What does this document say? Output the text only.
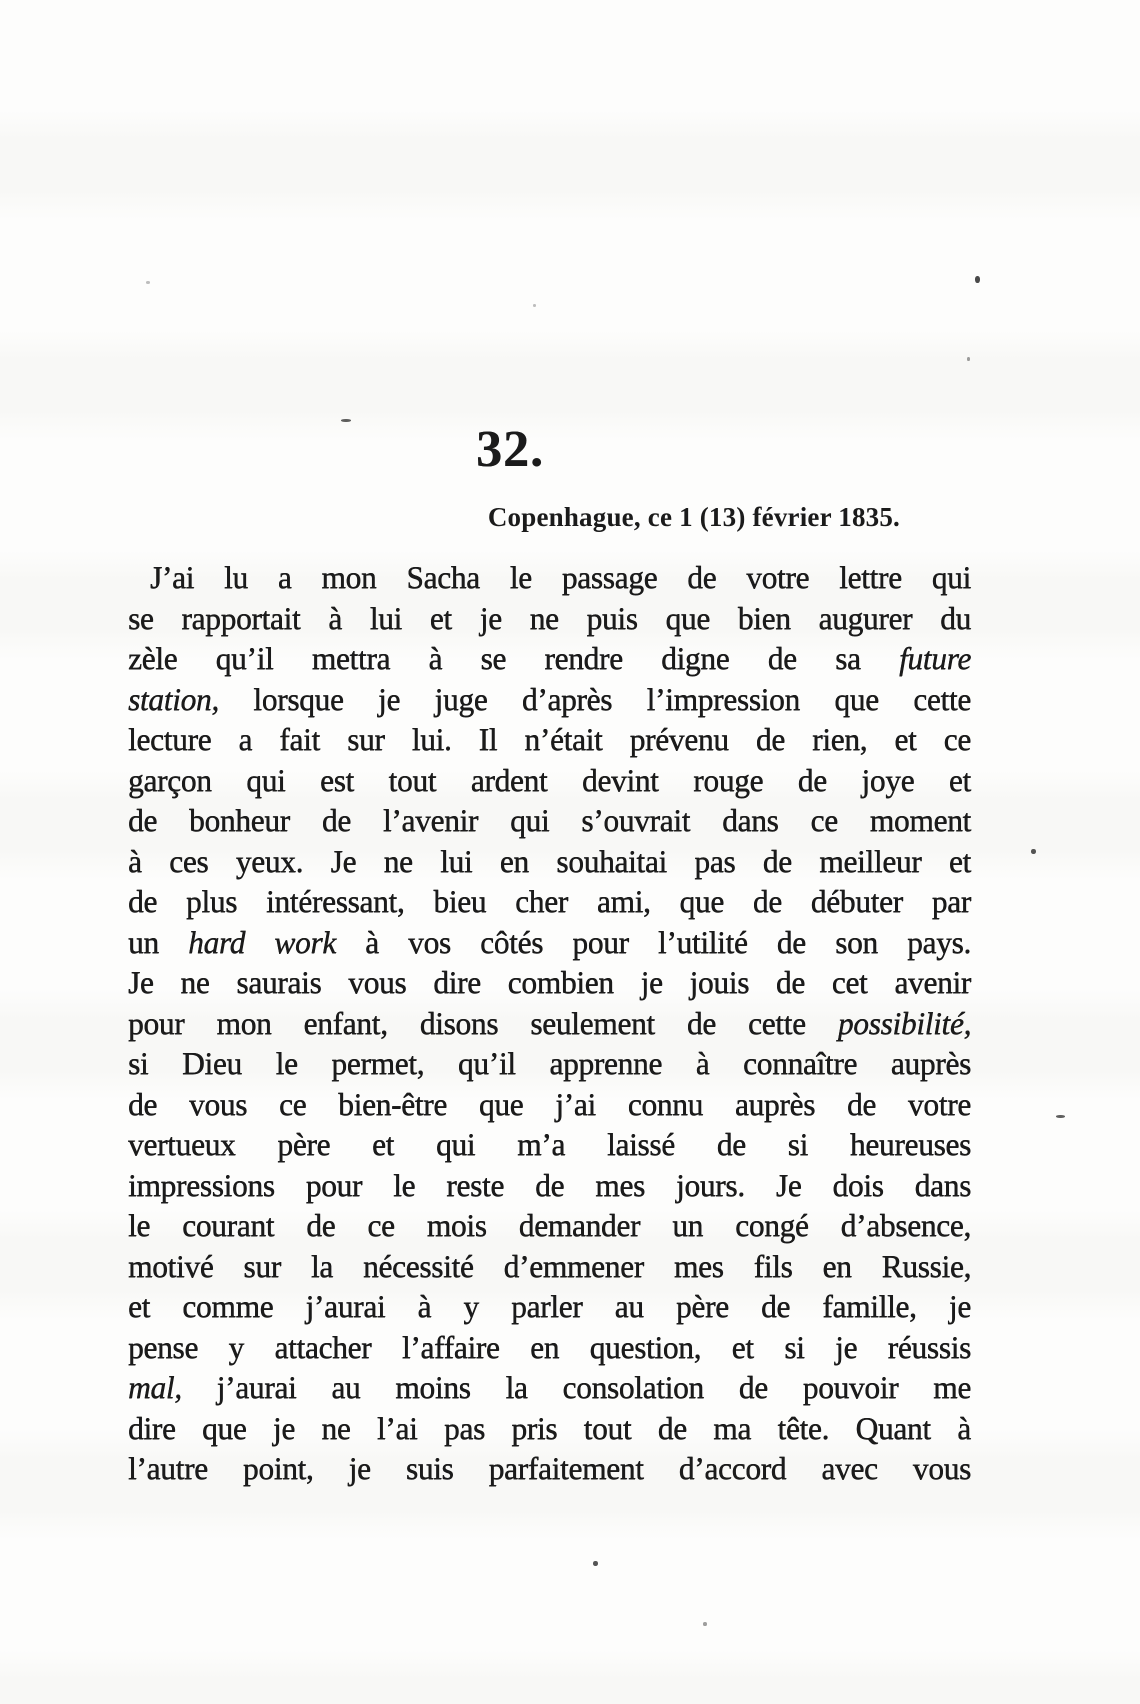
32.
Copenhague, ce 1 (13) février 1835.
J’ai lu a mon Sacha le passage de votre lettre qui
se rapportait à lui et je ne puis que bien augurer du
zèle qu’il mettra à se rendre digne de sa future
station, lorsque je juge d’après l’impression que cette
lecture a fait sur lui. Il n’était prévenu de rien, et ce
garçon qui est tout ardent devint rouge de joye et
de bonheur de l’avenir qui s’ouvrait dans ce moment
à ces yeux. Je ne lui en souhaitai pas de meilleur et
de plus intéressant, bieu cher ami, que de débuter par
un hard work à vos côtés pour l’utilité de son pays.
Je ne saurais vous dire combien je jouis de cet avenir
pour mon enfant, disons seulement de cette possibilité,
si Dieu le permet, qu’il apprenne à connaître auprès
de vous ce bien-être que j’ai connu auprès de votre
vertueux père et qui m’a laissé de si heureuses
impressions pour le reste de mes jours. Je dois dans
le courant de ce mois demander un congé d’absence,
motivé sur la nécessité d’emmener mes fils en Russie,
et comme j’aurai à y parler au père de famille, je
pense y attacher l’affaire en question, et si je réussis
mal, j’aurai au moins la consolation de pouvoir me
dire que je ne l’ai pas pris tout de ma tête. Quant à
l’autre point, je suis parfaitement d’accord avec vous
